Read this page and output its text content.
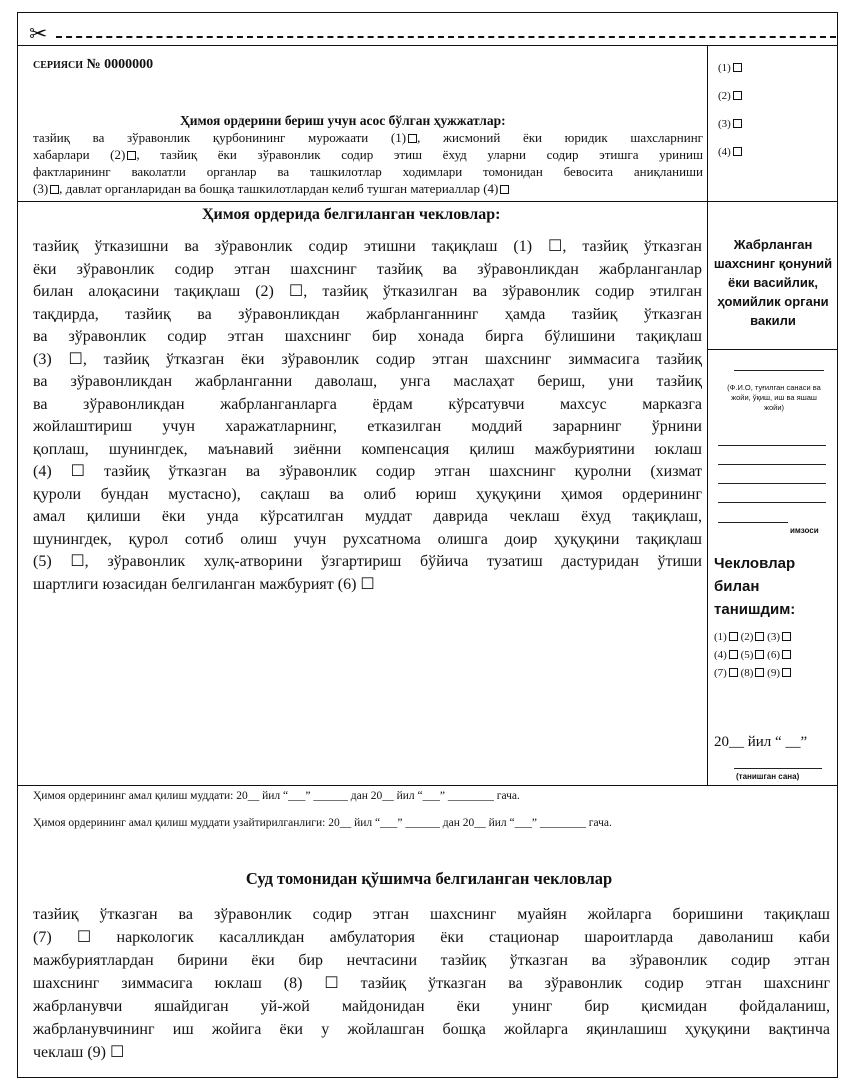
✂
СЕРИЯСИ № 0000000
Ҳимоя ордерини бериш учун асос бўлган ҳужжатлар:
тазйиқ ва зўравонлик қурбонининг мурожаати (1) , жисмоний ёки юридик шахсларнинг
хабарлари (2) , тазйиқ ёки зўравонлик содир этиш ёхуд уларни содир этишга уриниш
фактларининг ваколатли органлар ва ташкилотлар ходимлари томонидан бевосита аниқланиши
(3) , давлат органларидан ва бошқа ташкилотлардан келиб тушган материаллар (4)
(1)
(2)
(3)
(4)
Ҳимоя ордерида белгиланган чекловлар:
тазйиқ ўтказишни ва зўравонлик содир этишни тақиқлаш (1) ☐, тазйиқ ўтказган
ёки зўравонлик содир этган шахснинг тазйиқ ва зўравонликдан жабрланганлар
билан алоқасини тақиқлаш (2) ☐, тазйиқ ўтказилган ва зўравонлик содир этилган
тақдирда, тазйиқ ва зўравонликдан жабрланганнинг ҳамда тазйиқ ўтказган
ва зўравонлик содир этган шахснинг бир хонада бирга бўлишини тақиқлаш
(3) ☐, тазйиқ ўтказган ёки зўравонлик содир этган шахснинг зиммасига тазйиқ
ва зўравонликдан жабрланганни даволаш, унга маслаҳат бериш, уни тазйиқ
ва зўравонликдан жабрланганларга ёрдам кўрсатувчи махсус марказга
жойлаштириш учун харажатларнинг, етказилган моддий зарарнинг ўрнини
қоплаш, шунингдек, маънавий зиённи компенсация қилиш мажбуриятини юклаш
(4) ☐ тазйиқ ўтказган ва зўравонлик содир этган шахснинг қуролни (хизмат
қуроли бундан мустасно), сақлаш ва олиб юриш ҳуқуқини ҳимоя ордерининг
амал қилиши ёки унда кўрсатилган муддат даврида чеклаш ёхуд тақиқлаш,
шунингдек, қурол сотиб олиш учун рухсатнома олишга доир ҳуқуқини тақиқлаш
(5) ☐, зўравонлик хулқ-атворини ўзгартириш бўйича тузатиш дастуридан ўтиши
шартлиги юзасидан белгиланган мажбурият (6) ☐
Жабрланган
шахснинг қонуний
ёки васийлик,
ҳомийлик органи
вакили
(Ф.И.О, туғилган санаси ва
жойи, ўқиш, иш ва яшаш
жойи)
имзоси
Чекловлар
билан
танишдим:
(1) (2) (3)
(4) (5) (6)
(7) (8) (9)
20__ йил “ __”
(танишган сана)
Ҳимоя ордерининг амал қилиш муддати: 20__ йил “___” ______ дан 20__ йил “___” ________ гача.
Ҳимоя ордерининг амал қилиш муддати узайтирилганлиги: 20__ йил “___” ______ дан 20__ йил “___” ________ гача.
Суд томонидан қўшимча белгиланган чекловлар
тазйиқ ўтказган ва зўравонлик содир этган шахснинг муайян жойларга боришини тақиқлаш
(7) ☐ наркологик касалликдан амбулатория ёки стационар шароитларда даволаниш каби
мажбуриятлардан бирини ёки бир нечтасини тазйиқ ўтказган ва зўравонлик содир этган
шахснинг зиммасига юклаш (8) ☐ тазйиқ ўтказган ва зўравонлик содир этган шахснинг
жабрланувчи яшайдиган уй-жой майдонидан ёки унинг бир қисмидан фойдаланиш,
жабрланувчининг иш жойига ёки у жойлашган бошқа жойларга яқинлашиш ҳуқуқини вақтинча
чеклаш (9) ☐
